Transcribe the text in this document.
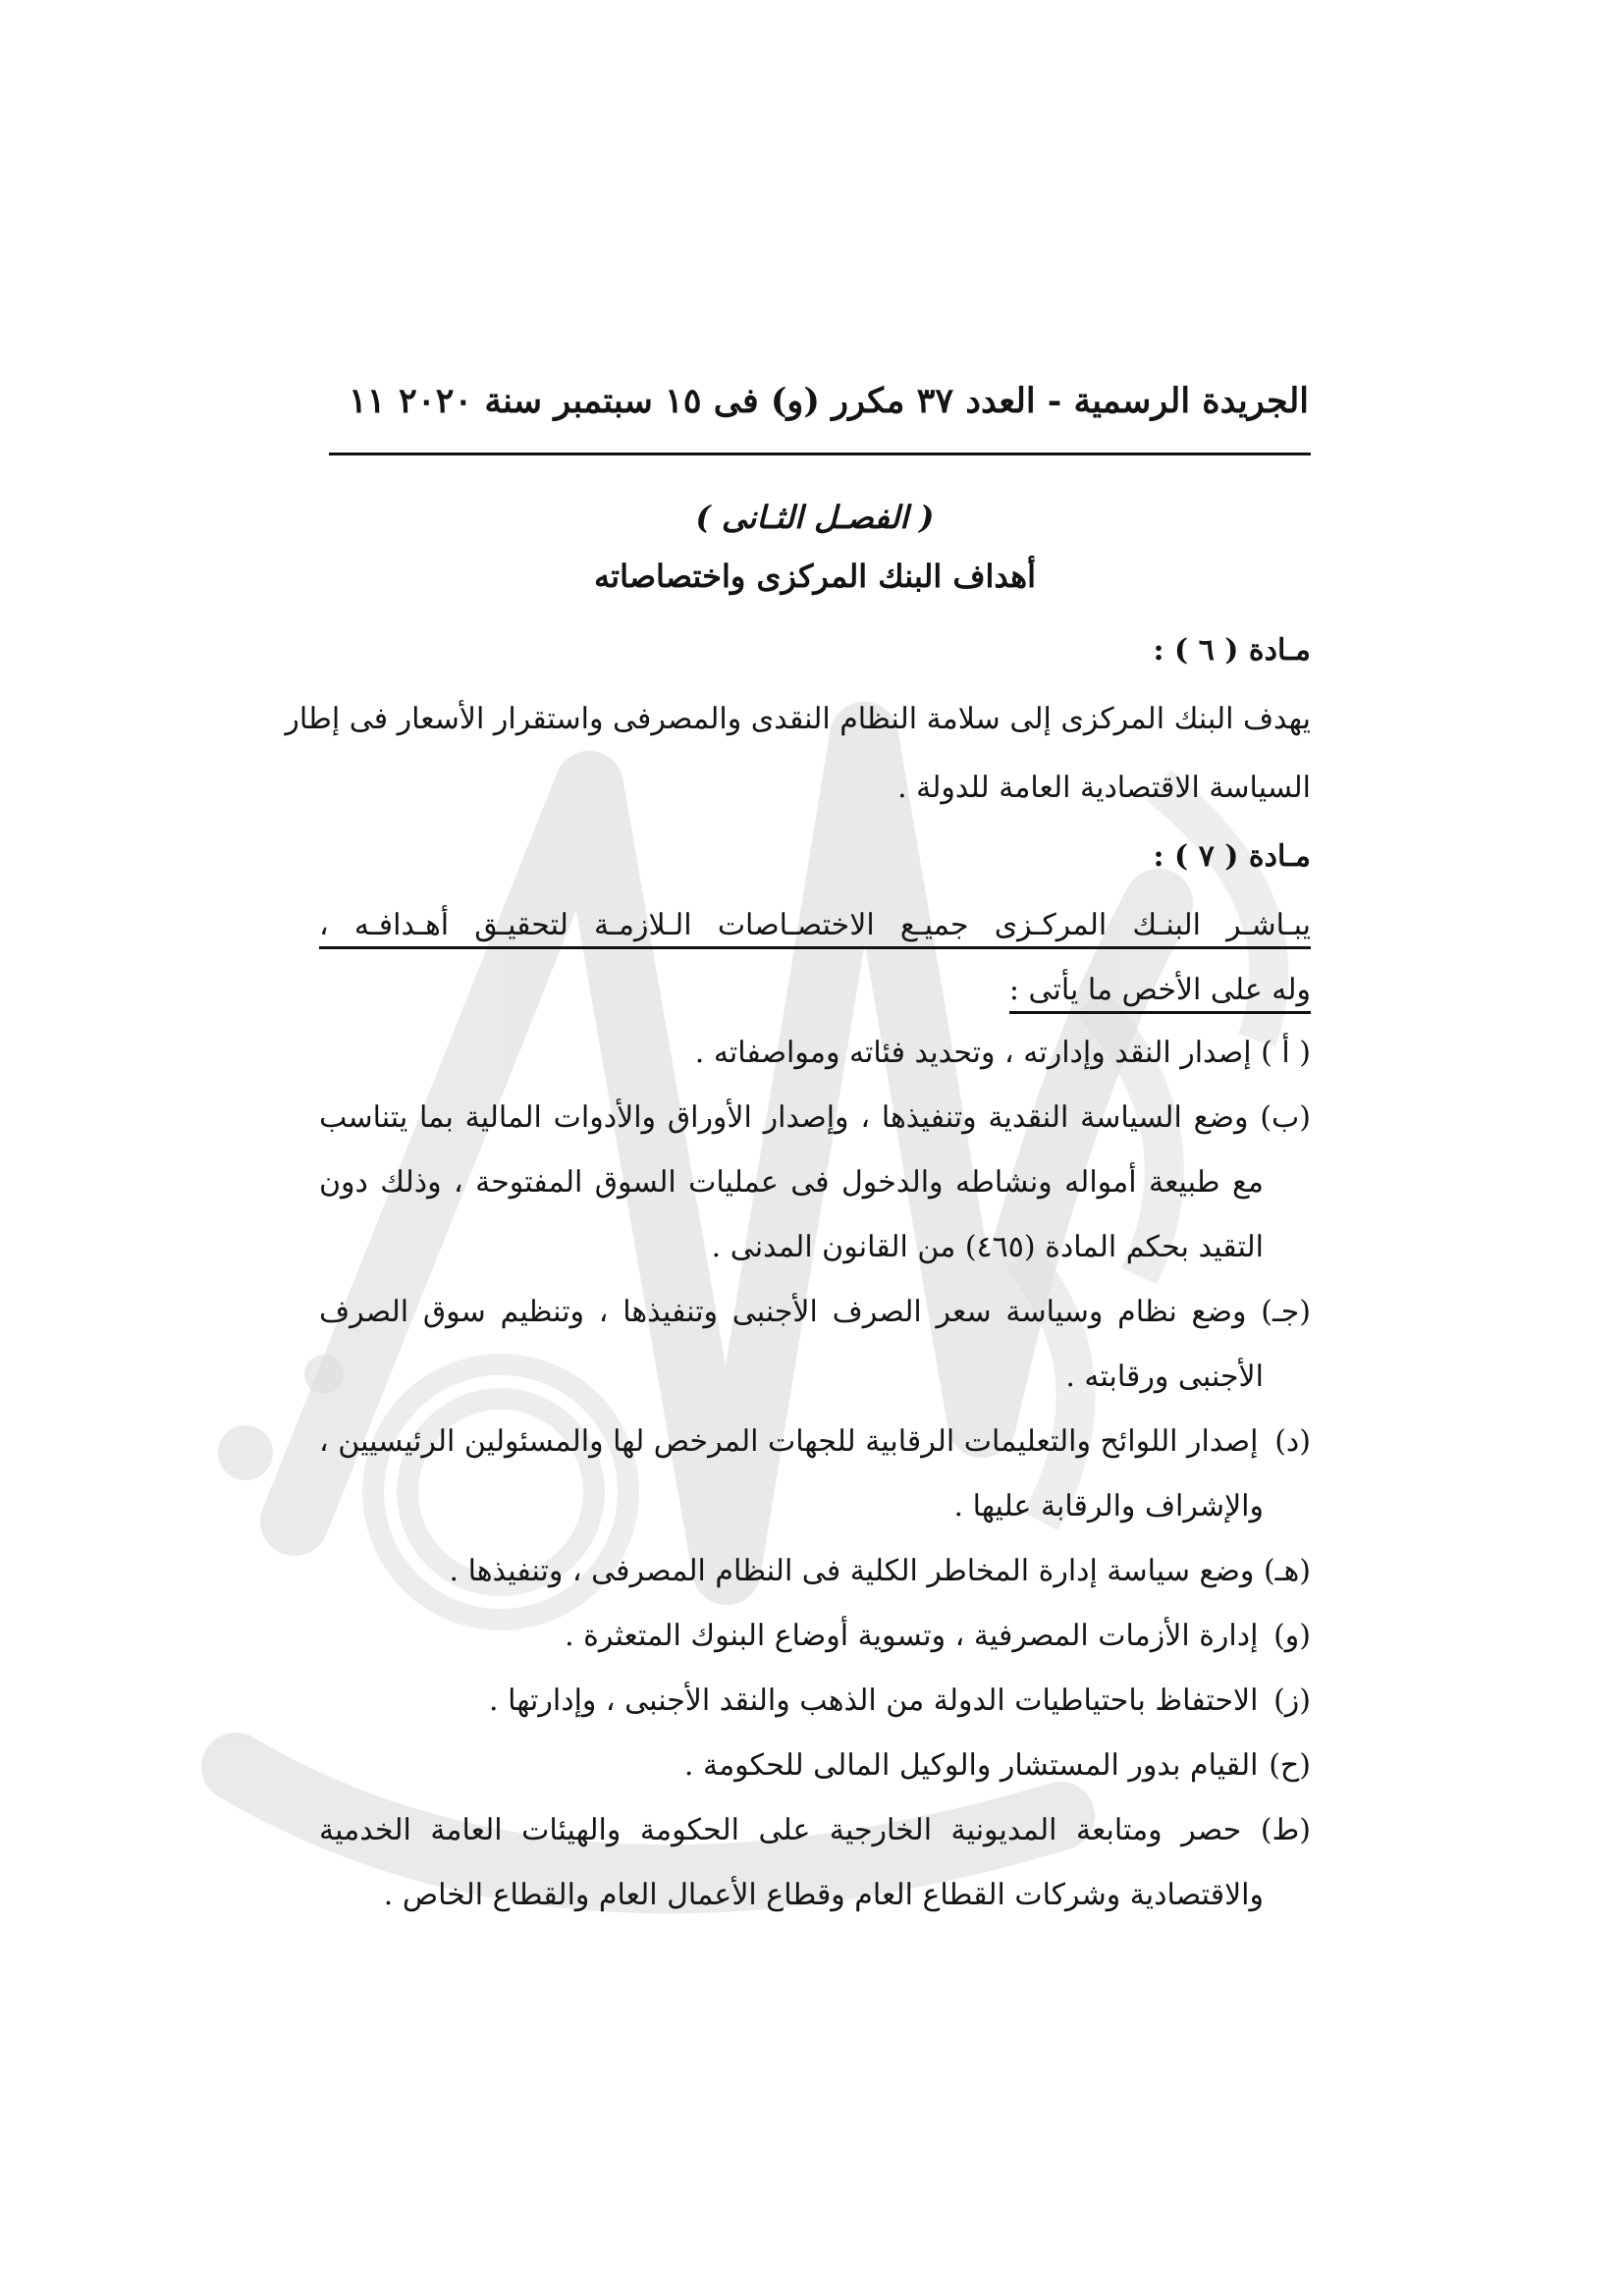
الجريدة الرسمية - العدد ٣٧ مكرر (و) فى ١٥ سبتمبر سنة ٢٠٢٠
١١
( الفصـل الثـانى )
أهداف البنك المركزى واختصاصاته
مـادة ( ٦ ) :
يهدف البنك المركزى إلى سلامة النظام النقدى والمصرفى واستقرار الأسعار فى إطار
السياسة الاقتصادية العامة للدولة .
مـادة ( ٧ ) :
يبـاشـر البنـك المركـزى جميـع الاختصـاصات الـلازمـة لتحقيـق أهـدافـه ،
وله على الأخص ما يأتى :
( أ ) إصدار النقد وإدارته ، وتحديد فئاته ومواصفاته .
(ب) وضع السياسة النقدية وتنفيذها ، وإصدار الأوراق والأدوات المالية بما يتناسب
مع طبيعة أمواله ونشاطه والدخول فى عمليات السوق المفتوحة ، وذلك دون
التقيد بحكم المادة (٤٦٥) من القانون المدنى .
(جـ) وضع نظام وسياسة سعر الصرف الأجنبى وتنفيذها ، وتنظيم سوق الصرف
الأجنبى ورقابته .
(د) إصدار اللوائح والتعليمات الرقابية للجهات المرخص لها والمسئولين الرئيسيين ،
والإشراف والرقابة عليها .
(هـ) وضع سياسة إدارة المخاطر الكلية فى النظام المصرفى ، وتنفيذها .
(و) إدارة الأزمات المصرفية ، وتسوية أوضاع البنوك المتعثرة .
(ز) الاحتفاظ باحتياطيات الدولة من الذهب والنقد الأجنبى ، وإدارتها .
(ح) القيام بدور المستشار والوكيل المالى للحكومة .
(ط) حصر ومتابعة المديونية الخارجية على الحكومة والهيئات العامة الخدمية
والاقتصادية وشركات القطاع العام وقطاع الأعمال العام والقطاع الخاص .
